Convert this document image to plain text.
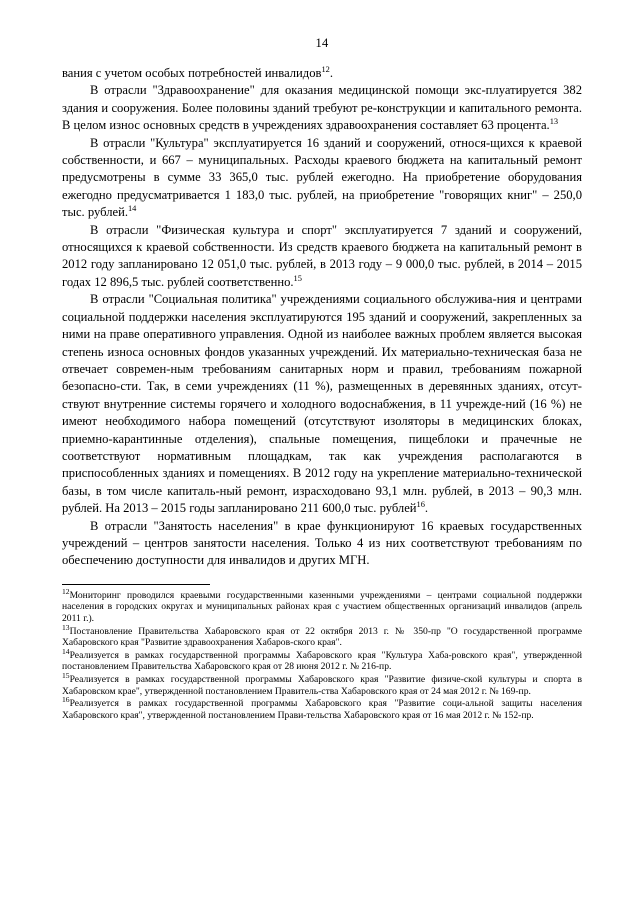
14

вания с учетом особых потребностей инвалидов$^{12}$.

В отрасли "Здравоохранение" для оказания медицинской помощи экс-плуатируется 382 здания и сооружения. Более половины зданий требуют ре-конструкции и капитального ремонта. В целом износ основных средств в учреждениях здравоохранения составляет 63 процента.$^{13}$

В отрасли "Культура" эксплуатируется 16 зданий и сооружений, относя-щихся к краевой собственности, и 667 – муниципальных. Расходы краевого бюджета на капитальный ремонт предусмотрены в сумме 33 365,0 тыс. рублей ежегодно. На приобретение оборудования ежегодно предусматривается 1 183,0 тыс. рублей, на приобретение "говорящих книг" – 250,0 тыс. рублей.$^{14}$

В отрасли "Физическая культура и спорт" эксплуатируется 7 зданий и сооружений, относящихся к краевой собственности. Из средств краевого бюджета на капитальный ремонт в 2012 году запланировано 12 051,0 тыс. рублей, в 2013 году – 9 000,0 тыс. рублей, в 2014 – 2015 годах 12 896,5 тыс. рублей соответственно.$^{15}$

В отрасли "Социальная политика" учреждениями социального обслужива-ния и центрами социальной поддержки населения эксплуатируются 195 зданий и сооружений, закрепленных за ними на праве оперативного управления. Одной из наиболее важных проблем является высокая степень износа основных фондов указанных учреждений. Их материально-техническая база не отвечает современ-ным требованиям санитарных норм и правил, требованиям пожарной безопасно-сти. Так, в семи учреждениях (11 %), размещенных в деревянных зданиях, отсут-ствуют внутренние системы горячего и холодного водоснабжения, в 11 учрежде-ний (16 %) не имеют необходимого набора помещений (отсутствуют изоляторы в медицинских блоках, приемно-карантинные отделения), спальные помещения, пищеблоки и прачечные не соответствуют нормативным площадкам, так как учреждения располагаются в приспособленных зданиях и помещениях. В 2012 году на укрепление материально-технической базы, в том числе капиталь-ный ремонт, израсходовано 93,1 млн. рублей, в 2013 – 90,3 млн. рублей. На 2013 – 2015 годы запланировано 211 600,0 тыс. рублей$^{16}$.

В отрасли "Занятость населения" в крае функционируют 16 краевых государственных учреждений – центров занятости населения. Только 4 из них соответствуют требованиям по обеспечению доступности для инвалидов и других МГН.

$^{12}$Мониторинг проводился краевыми государственными казенными учреждениями – центрами социальной поддержки населения в городских округах и муниципальных районах края с участием общественных организаций инвалидов (апрель 2011 г.).
$^{13}$Постановление Правительства Хабаровского края от 22 октября 2013 г. № 350-пр "О государственной программе Хабаровского края "Развитие здравоохранения Хабаров-ского края".
$^{14}$Реализуется в рамках государственной программы Хабаровского края "Культура Хаба-ровского края", утвержденной постановлением Правительства Хабаровского края от 28 июня 2012 г. № 216-пр.
$^{15}$Реализуется в рамках государственной программы Хабаровского края "Развитие физиче-ской культуры и спорта в Хабаровском крае", утвержденной постановлением Правитель-ства Хабаровского края от 24 мая 2012 г. № 169-пр.
$^{16}$Реализуется в рамках государственной программы Хабаровского края "Развитие соци-альной защиты населения Хабаровского края", утвержденной постановлением Прави-тельства Хабаровского края от 16 мая 2012 г. № 152-пр.
